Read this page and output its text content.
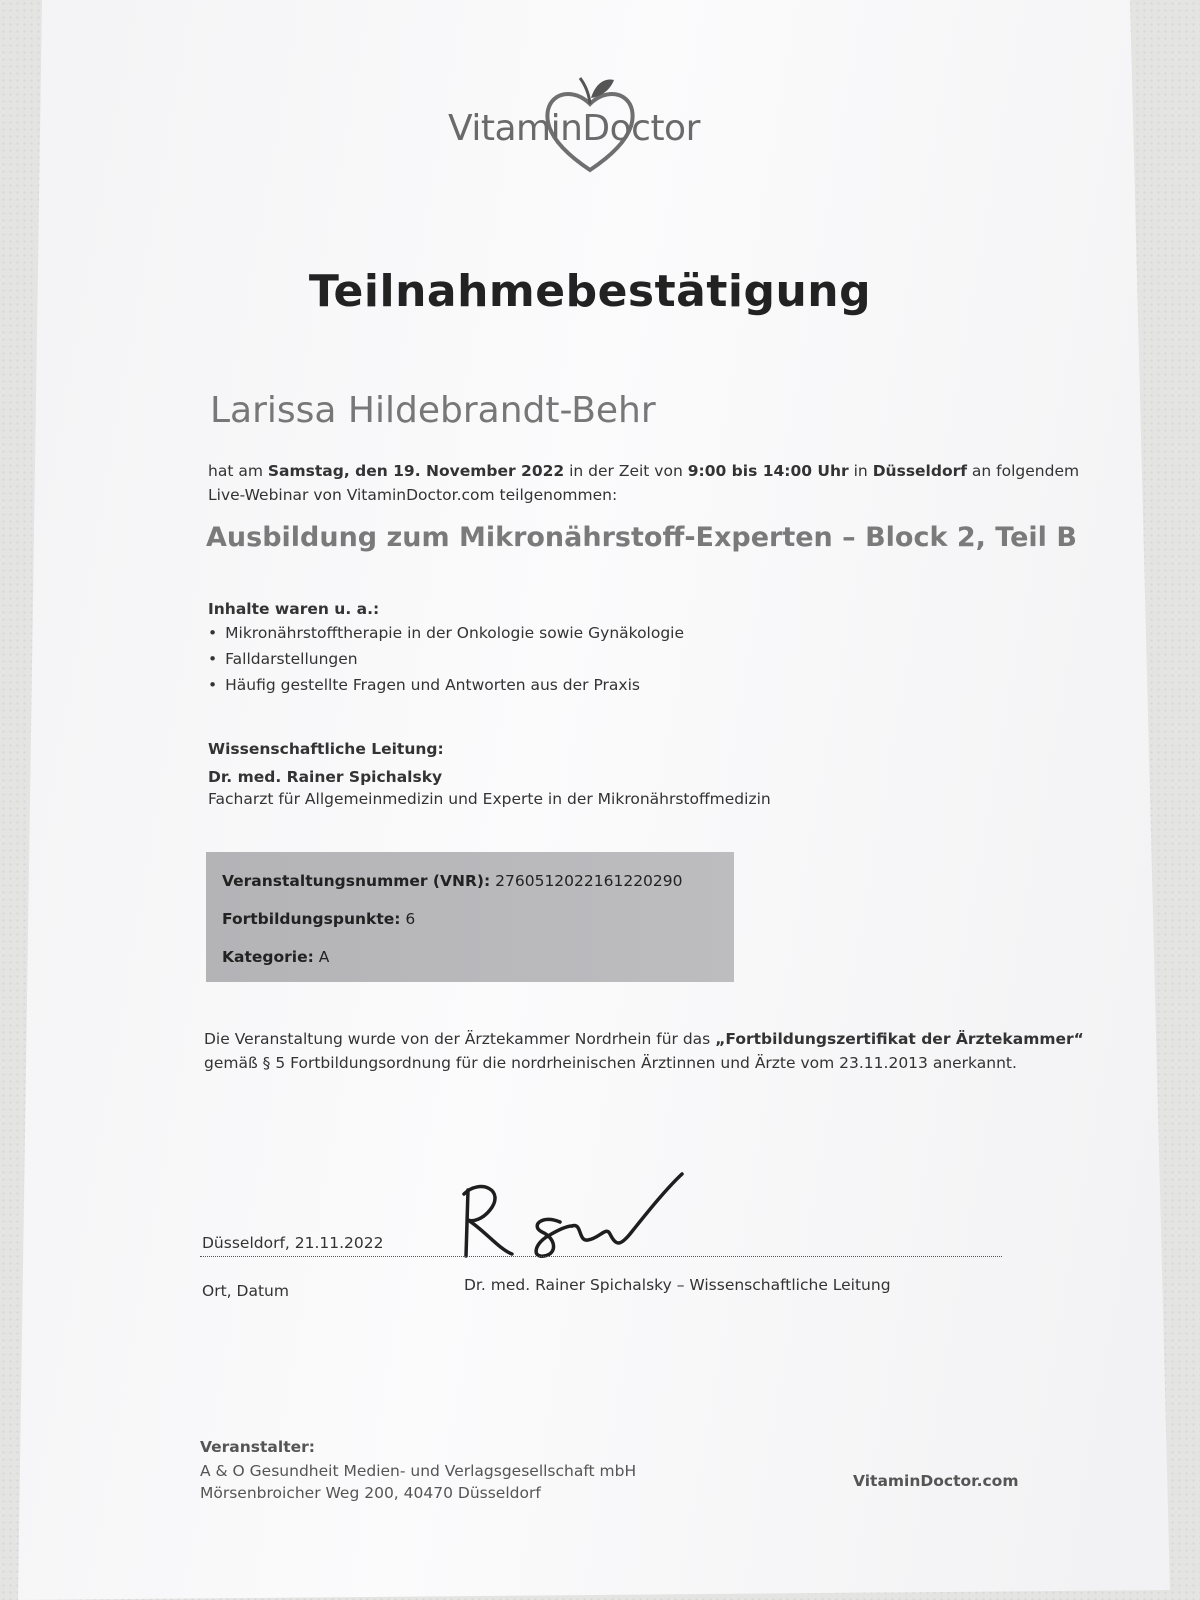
VitaminDoctor
Teilnahmebestätigung
Larissa Hildebrandt-Behr
hat am Samstag, den 19. November 2022 in der Zeit von 9:00 bis 14:00 Uhr in Düsseldorf an folgendem
Live-Webinar von VitaminDoctor.com teilgenommen:
Ausbildung zum Mikronährstoff-Experten – Block 2, Teil B
Inhalte waren u. a.:
• Mikronährstofftherapie in der Onkologie sowie Gynäkologie
• Falldarstellungen
• Häufig gestellte Fragen und Antworten aus der Praxis
Wissenschaftliche Leitung:
Dr. med. Rainer Spichalsky
Facharzt für Allgemeinmedizin und Experte in der Mikronährstoffmedizin
Veranstaltungsnummer (VNR): 2760512022161220290
Fortbildungspunkte: 6
Kategorie: A
Die Veranstaltung wurde von der Ärztekammer Nordrhein für das „Fortbildungszertifikat der Ärztekammer“
gemäß § 5 Fortbildungsordnung für die nordrheinischen Ärztinnen und Ärzte vom 23.11.2013 anerkannt.
Düsseldorf, 21.11.2022
Ort, Datum	Dr. med. Rainer Spichalsky – Wissenschaftliche Leitung
Veranstalter:
A & O Gesundheit Medien- und Verlagsgesellschaft mbH
Mörsenbroicher Weg 200, 40470 Düsseldorf
VitaminDoctor.com
